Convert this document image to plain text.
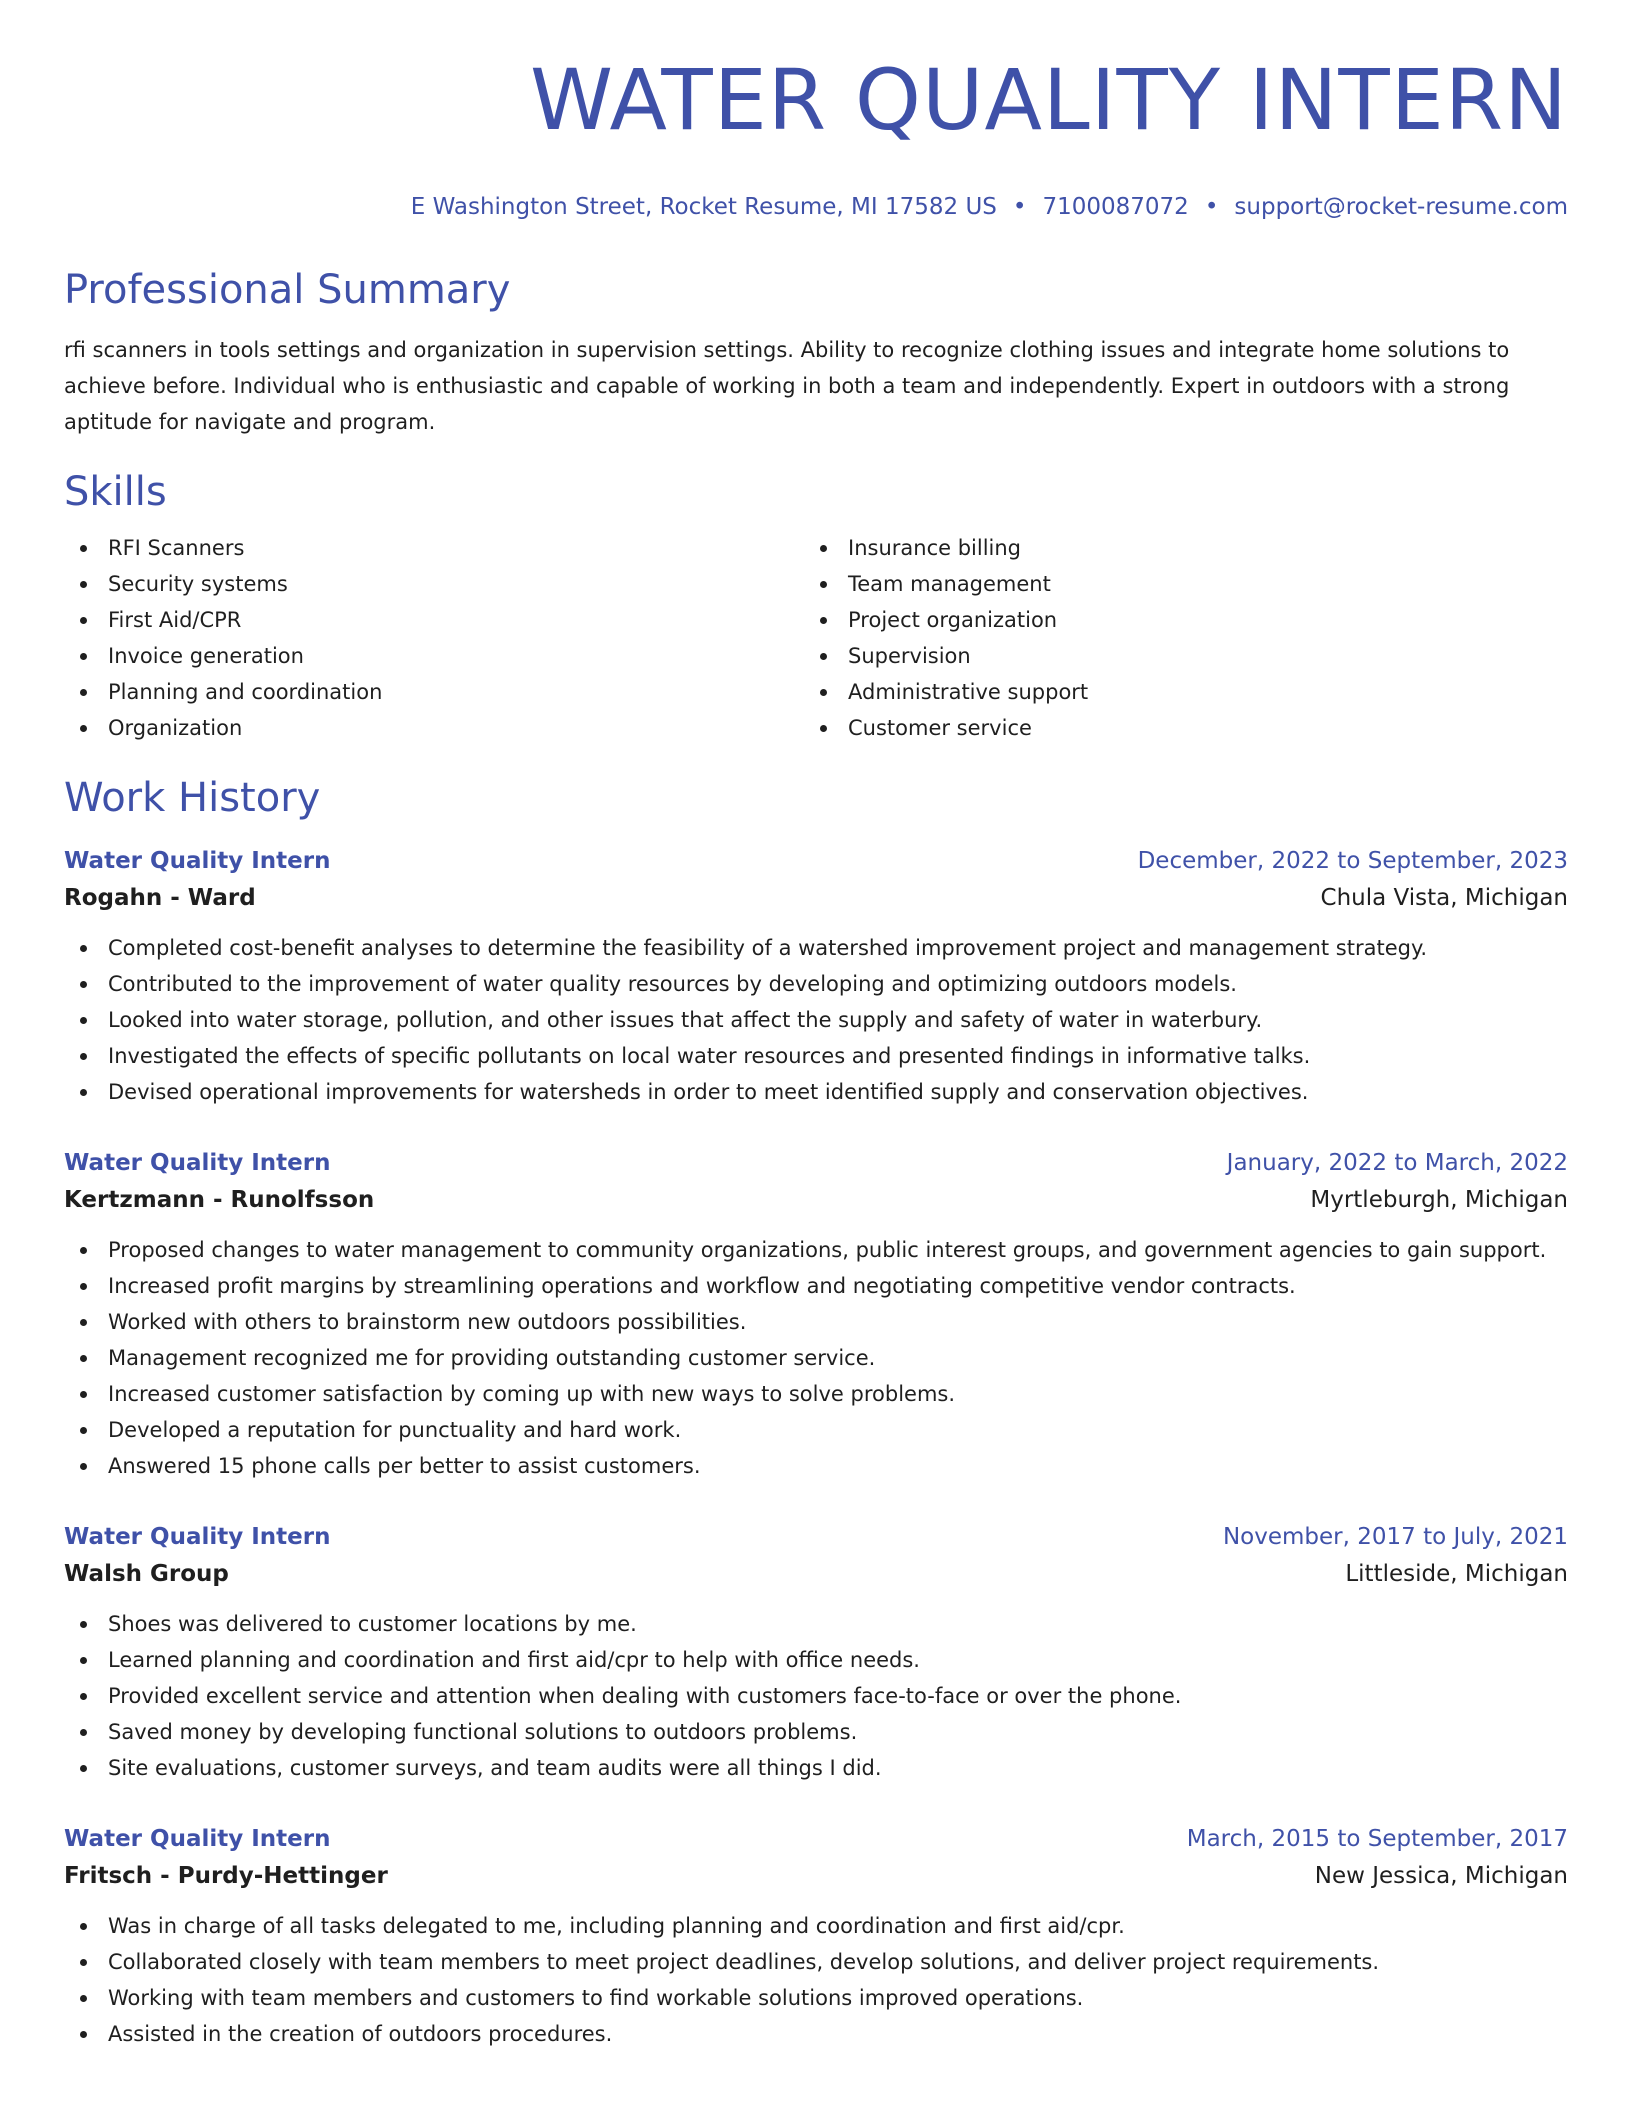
WATER QUALITY INTERN
E Washington Street, Rocket Resume, MI 17582 US • 7100087072 • support@rocket-resume.com
Professional Summary

rfi scanners in tools settings and organization in supervision settings. Ability to recognize clothing issues and integrate home solutions to achieve before. Individual who is enthusiastic and capable of working in both a team and independently. Expert in outdoors with a strong aptitude for navigate and program.

Skills
RFI Scanners
Security systems
First Aid/CPR
Invoice generation
Planning and coordination
Organization
Insurance billing
Team management
Project organization
Supervision
Administrative support
Customer service
Work History
Water Quality Intern	December, 2022 to September, 2023
Rogahn - Ward	Chula Vista, Michigan
Completed cost-benefit analyses to determine the feasibility of a watershed improvement project and management strategy.
Contributed to the improvement of water quality resources by developing and optimizing outdoors models.
Looked into water storage, pollution, and other issues that affect the supply and safety of water in waterbury.
Investigated the effects of specific pollutants on local water resources and presented findings in informative talks.
Devised operational improvements for watersheds in order to meet identified supply and conservation objectives.
Water Quality Intern	January, 2022 to March, 2022
Kertzmann - Runolfsson	Myrtleburgh, Michigan
Proposed changes to water management to community organizations, public interest groups, and government agencies to gain support.
Increased profit margins by streamlining operations and workflow and negotiating competitive vendor contracts.
Worked with others to brainstorm new outdoors possibilities.
Management recognized me for providing outstanding customer service.
Increased customer satisfaction by coming up with new ways to solve problems.
Developed a reputation for punctuality and hard work.
Answered 15 phone calls per better to assist customers.
Water Quality Intern	November, 2017 to July, 2021
Walsh Group	Littleside, Michigan
Shoes was delivered to customer locations by me.
Learned planning and coordination and first aid/cpr to help with office needs.
Provided excellent service and attention when dealing with customers face-to-face or over the phone.
Saved money by developing functional solutions to outdoors problems.
Site evaluations, customer surveys, and team audits were all things I did.
Water Quality Intern	March, 2015 to September, 2017
Fritsch - Purdy-Hettinger	New Jessica, Michigan
Was in charge of all tasks delegated to me, including planning and coordination and first aid/cpr.
Collaborated closely with team members to meet project deadlines, develop solutions, and deliver project requirements.
Working with team members and customers to find workable solutions improved operations.
Assisted in the creation of outdoors procedures.
